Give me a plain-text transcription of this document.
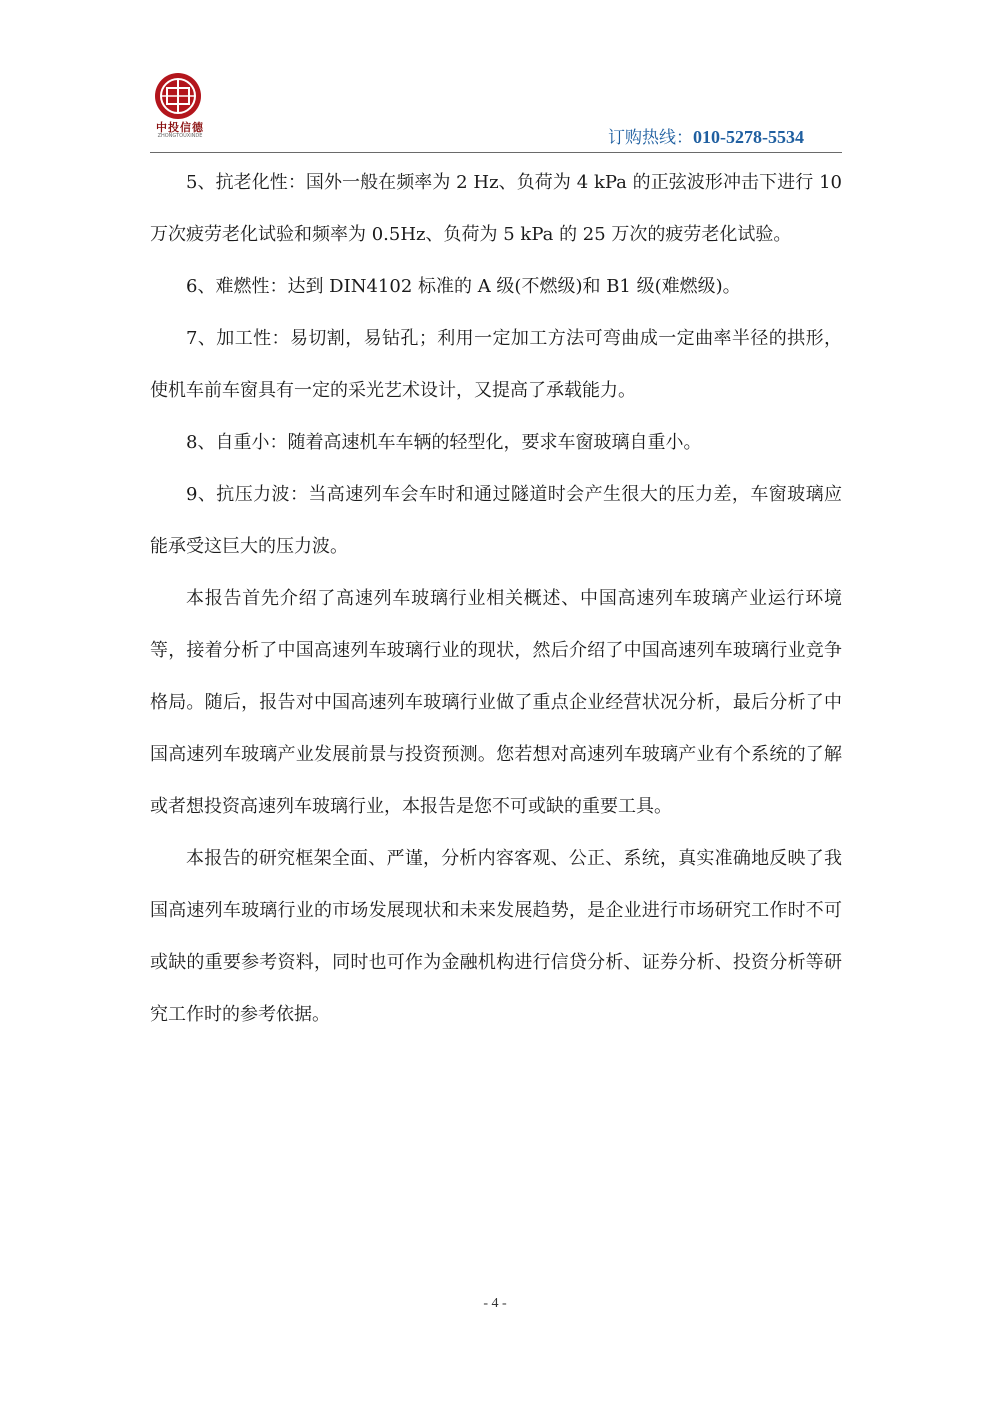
中投信德
ZHONGTOUXINDE	订购热线：010-5278-5534

5、抗老化性：国外一般在频率为 2 Hz、负荷为 4 kPa 的正弦波形冲击下进行 10 万次疲劳老化试验和频率为 0.5Hz、负荷为 5 kPa 的 25 万次的疲劳老化试验。

6、难燃性：达到 DIN4102 标准的 A 级(不燃级)和 B1 级(难燃级)。

7、加工性：易切割，易钻孔；利用一定加工方法可弯曲成一定曲率半径的拱形，使机车前车窗具有一定的采光艺术设计，又提高了承载能力。

8、自重小：随着高速机车车辆的轻型化，要求车窗玻璃自重小。

9、抗压力波：当高速列车会车时和通过隧道时会产生很大的压力差，车窗玻璃应能承受这巨大的压力波。

本报告首先介绍了高速列车玻璃行业相关概述、中国高速列车玻璃产业运行环境等，接着分析了中国高速列车玻璃行业的现状，然后介绍了中国高速列车玻璃行业竞争格局。随后，报告对中国高速列车玻璃行业做了重点企业经营状况分析，最后分析了中国高速列车玻璃产业发展前景与投资预测。您若想对高速列车玻璃产业有个系统的了解或者想投资高速列车玻璃行业，本报告是您不可或缺的重要工具。

本报告的研究框架全面、严谨，分析内容客观、公正、系统，真实准确地反映了我国高速列车玻璃行业的市场发展现状和未来发展趋势，是企业进行市场研究工作时不可或缺的重要参考资料，同时也可作为金融机构进行信贷分析、证券分析、投资分析等研究工作时的参考依据。

- 4 -
